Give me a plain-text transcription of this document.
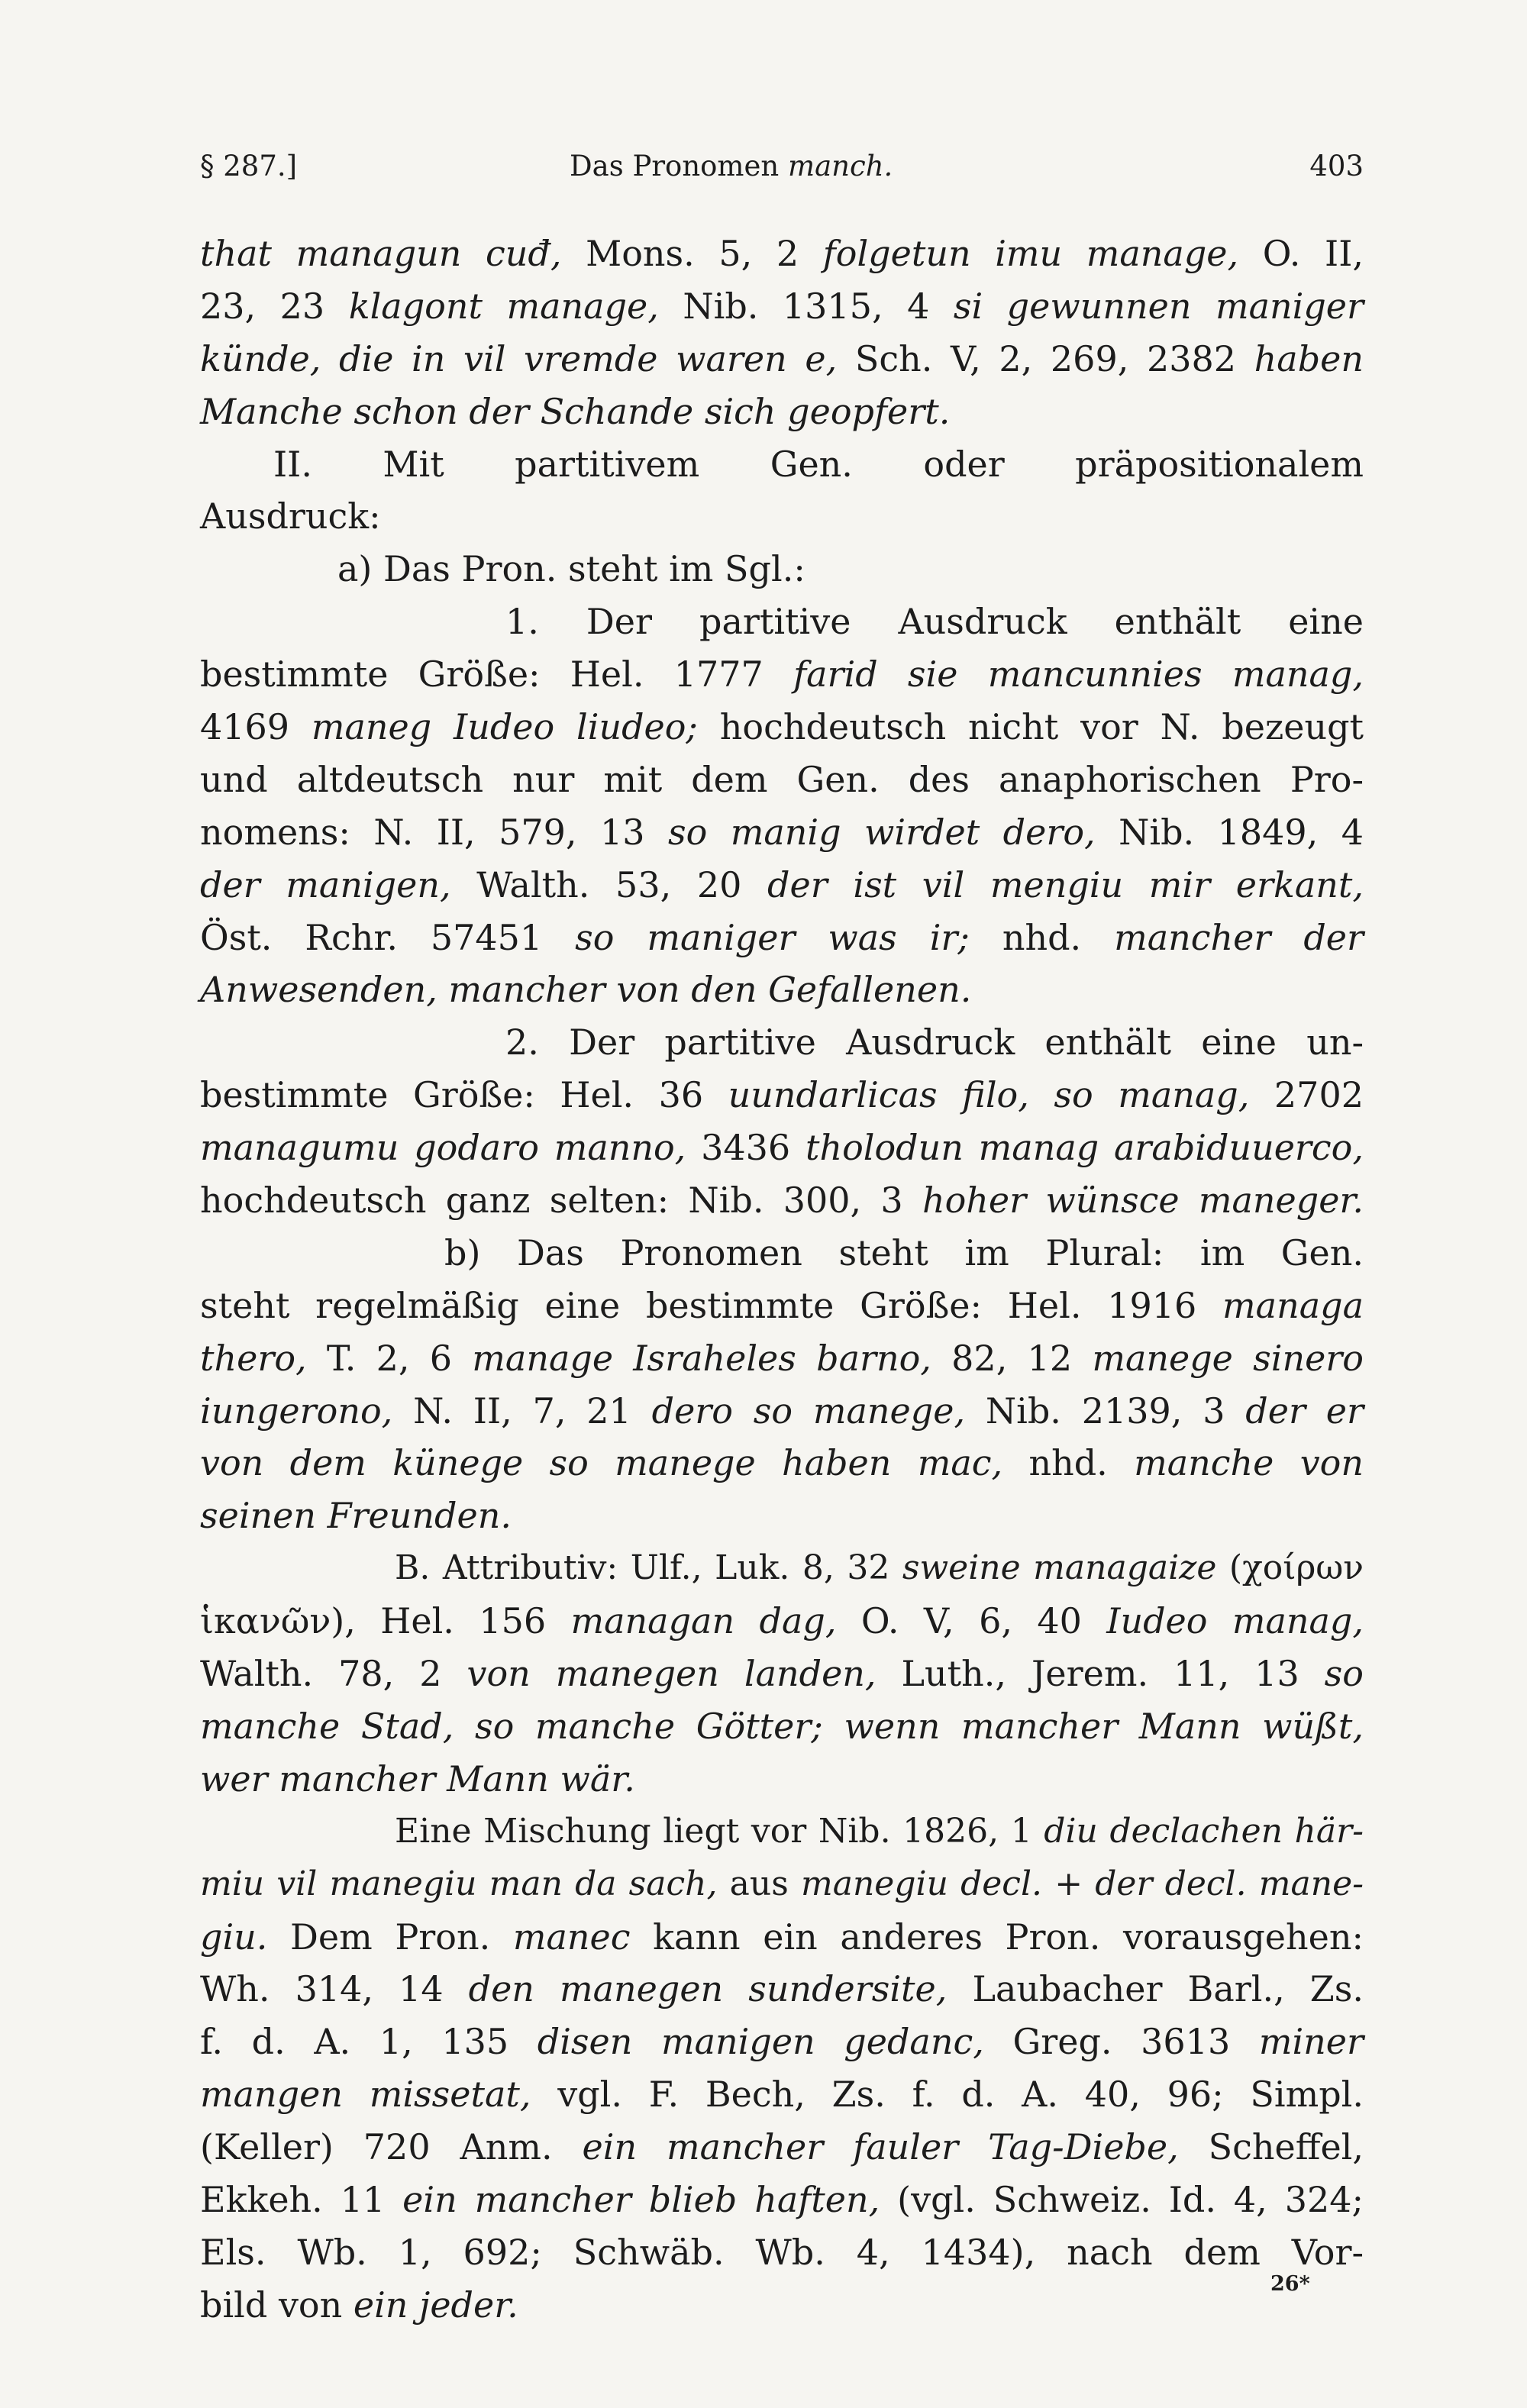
§ 287.]	Das Pronomen manch.	403
that managun cuđ, Mons. 5, 2 folgetun imu manage, O. II,
23, 23 klagont manage, Nib. 1315, 4 si gewunnen maniger
künde, die in vil vremde waren e, Sch. V, 2, 269, 2382 haben
Manche schon der Schande sich geopfert.
II. Mit partitivem Gen. oder präpositionalem
Ausdruck:
a) Das Pron. steht im Sgl.:
1. Der partitive Ausdruck enthält eine
bestimmte Größe: Hel. 1777 farid sie mancunnies manag,
4169 maneg Iudeo liudeo; hochdeutsch nicht vor N. bezeugt
und altdeutsch nur mit dem Gen. des anaphorischen Pro-
nomens: N. II, 579, 13 so manig wirdet dero, Nib. 1849, 4
der manigen, Walth. 53, 20 der ist vil mengiu mir erkant,
Öst. Rchr. 57451 so maniger was ir; nhd. mancher der
Anwesenden, mancher von den Gefallenen.
2. Der partitive Ausdruck enthält eine un-
bestimmte Größe: Hel. 36 uundarlicas filo, so manag, 2702
managumu godaro manno, 3436 tholodun manag arabiduuerco,
hochdeutsch ganz selten: Nib. 300, 3 hoher wünsce maneger.
b) Das Pronomen steht im Plural: im Gen.
steht regelmäßig eine bestimmte Größe: Hel. 1916 managa
thero, T. 2, 6 manage Israheles barno, 82, 12 manege sinero
iungerono, N. II, 7, 21 dero so manege, Nib. 2139, 3 der er
von dem künege so manege haben mac, nhd. manche von
seinen Freunden.
B. Attributiv: Ulf., Luk. 8, 32 sweine managaize (χοίρων
ἱκανῶν), Hel. 156 managan dag, O. V, 6, 40 Iudeo manag,
Walth. 78, 2 von manegen landen, Luth., Jerem. 11, 13 so
manche Stad, so manche Götter; wenn mancher Mann wüßt,
wer mancher Mann wär.
Eine Mischung liegt vor Nib. 1826, 1 diu declachen här-
miu vil manegiu man da sach, aus manegiu decl. + der decl. mane-
giu. Dem Pron. manec kann ein anderes Pron. vorausgehen:
Wh. 314, 14 den manegen sundersite, Laubacher Barl., Zs.
f. d. A. 1, 135 disen manigen gedanc, Greg. 3613 miner
mangen missetat, vgl. F. Bech, Zs. f. d. A. 40, 96; Simpl.
(Keller) 720 Anm. ein mancher fauler Tag-Diebe, Scheffel,
Ekkeh. 11 ein mancher blieb haften, (vgl. Schweiz. Id. 4, 324;
Els. Wb. 1, 692; Schwäb. Wb. 4, 1434), nach dem Vor-
bild von ein jeder.
26*
